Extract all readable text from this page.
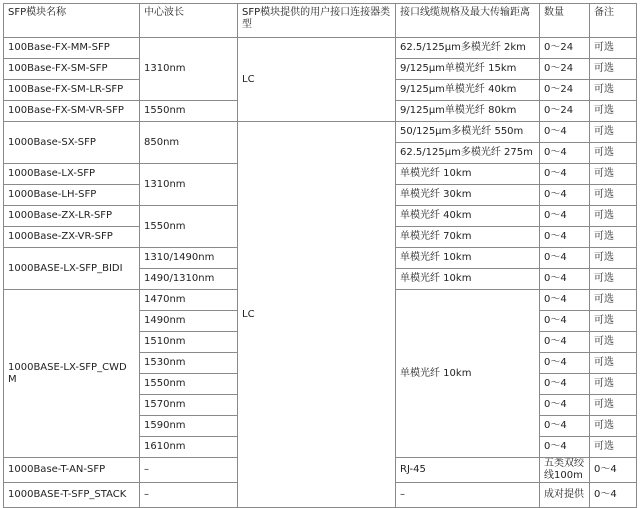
SFP模块名称	中心波长	SFP模块提供的用户接口连接器类型	接口线缆规格及最大传输距离	数量	备注	
100Base-FX-MM-SFP	1310nm	LC	62.5/125μm多模光纤 2km	0～24	可选	
100Base-FX-SM-SFP			9/125μm单模光纤 15km	0～24	可选	
100Base-FX-SM-LR-SFP			9/125μm单模光纤 40km	0～24	可选	
100Base-FX-SM-VR-SFP	1550nm		9/125μm单模光纤 80km	0～24	可选	
1000Base-SX-SFP	850nm	LC	50/125μm多模光纤 550m	0～4	可选	
			62.5/125μm多模光纤 275m	0～4	可选	
1000Base-LX-SFP	1310nm		单模光纤 10km	0～4	可选	
1000Base-LH-SFP			单模光纤 30km	0～4	可选	
1000Base-ZX-LR-SFP	1550nm		单模光纤 40km	0～4	可选	
1000Base-ZX-VR-SFP			单模光纤 70km	0～4	可选	
1000BASE-LX-SFP_BIDI	1310/1490nm		单模光纤 10km	0～4	可选	
	1490/1310nm		单模光纤 10km	0～4	可选	
1000BASE-LX-SFP_CWDM	1470nm		单模光纤 10km	0～4	可选	
	1490nm			0～4	可选	
	1510nm			0～4	可选	
	1530nm			0～4	可选	
	1550nm			0～4	可选	
	1570nm			0～4	可选	
	1590nm			0～4	可选	
	1610nm			0～4	可选	
1000Base-T-AN-SFP	–		RJ-45	五类双绞线100m	0～4	
1000BASE-T-SFP_STACK	–		–	成对提供	0～4	
